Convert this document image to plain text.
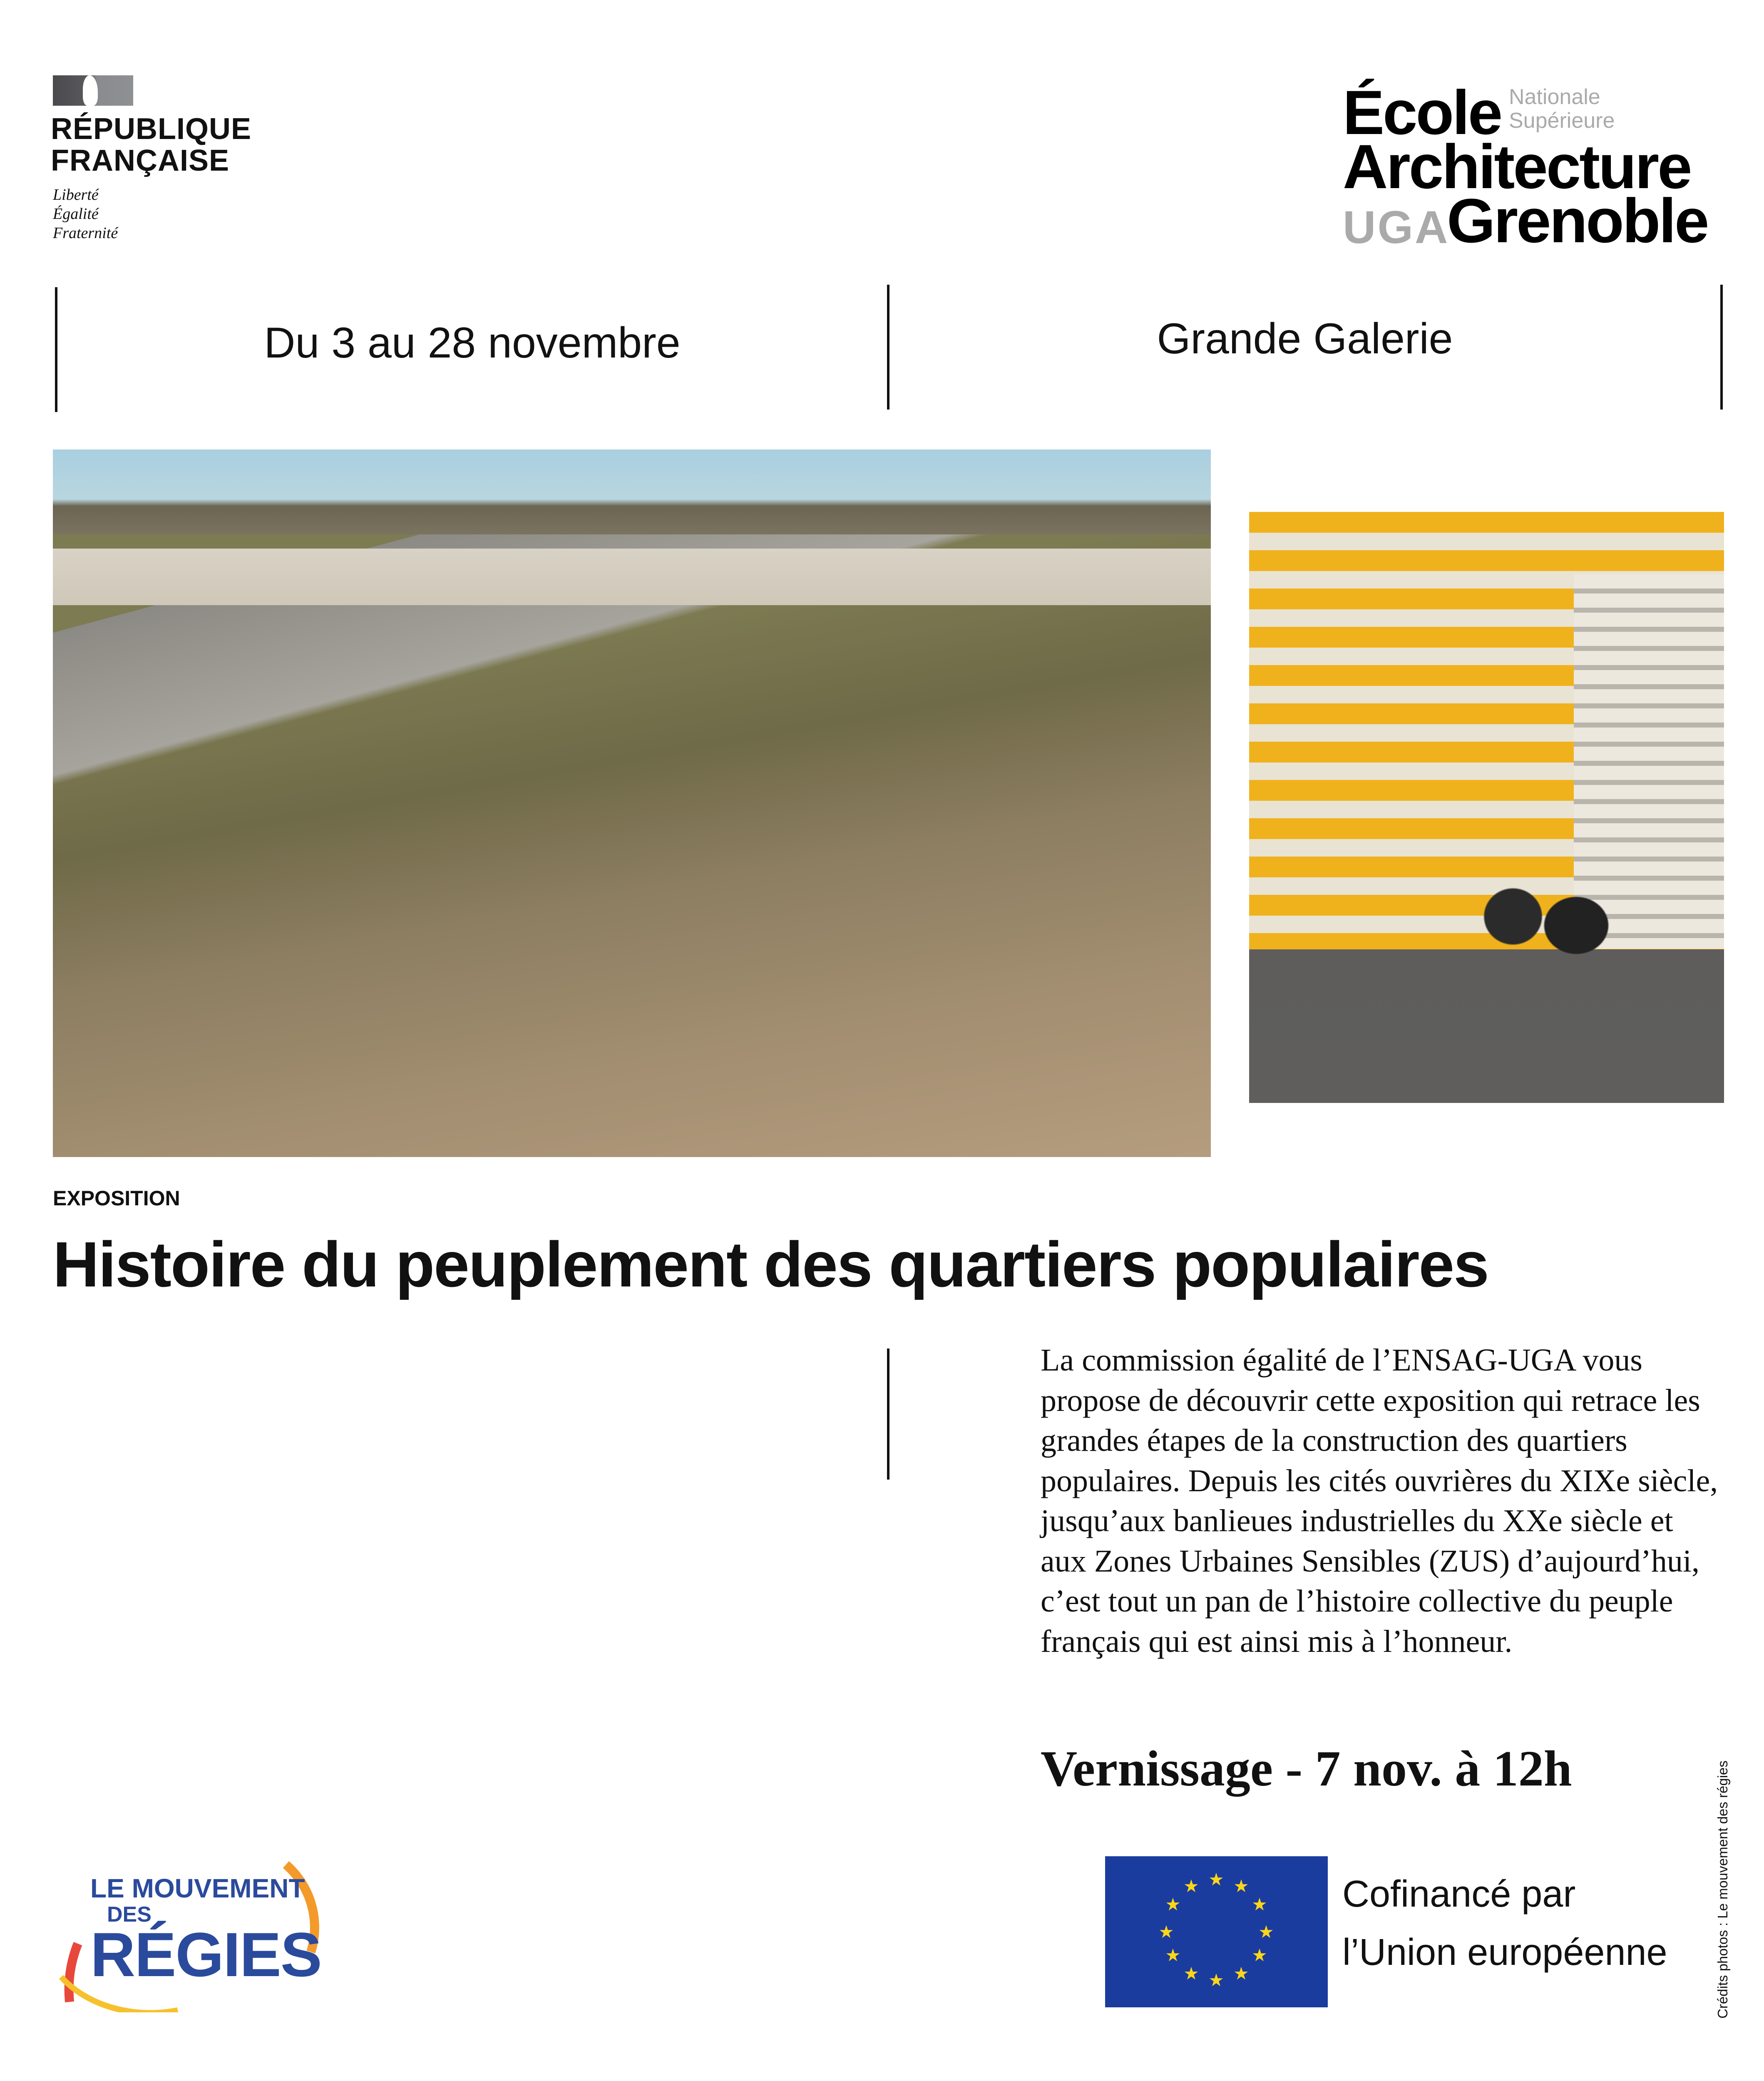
RÉPUBLIQUE
FRANÇAISE
Liberté
Égalité
Fraternité
École Nationale
Supérieure
Architecture
UGA
Grenoble
Du 3 au 28 novembre	Grande Galerie
EXPOSITION
Histoire du peuplement des quartiers populaires
La commission égalité de l’ENSAG-UGA vous propose de découvrir cette exposition qui retrace les grandes étapes de la construction des quartiers populaires. Depuis les cités ouvrières du XIXe siècle, jusqu’aux banlieues industrielles du XXe siècle et aux Zones Urbaines Sensibles (ZUS) d’aujourd’hui, c’est tout un pan de l’histoire collective du peuple français qui est ainsi mis à l’honneur.
Vernissage - 7 nov. à 12h
LE MOUVEMENT
DES
RÉGIES
★ ★
★
★
★
★
★
★
★
★
★
★	Cofinancé par
l’Union européenne	Crédits photos : Le mouvement des régies
